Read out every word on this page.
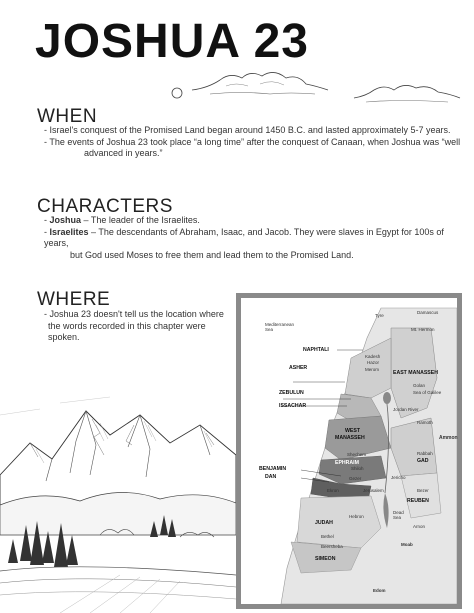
JOSHUA 23
WHEN

- Israel's conquest of the Promised Land began around 1450 B.C. and lasted approximately 5-7 years.

- The events of Joshua 23 took place “a long time” after the conquest of Canaan, when Joshua was “well

advanced in years.”

CHARACTERS

- Joshua – The leader of the Israelites.

- Israelites – The descendants of Abraham, Isaac, and Jacob. They were slaves in Egypt for 100s of years,

but God used Moses to free them and lead them to the Promised Land.

WHERE

- Joshua 23 doesn't tell us the location where

the words recorded in this chapter were spoken.

Mediterranean Sea
Tyre
Damascus
Mt. Hermon
Kadesh
Hazor
Merom
Golan
Sea of Galilee
Jordan River
Ramoth
Shechem
Shiloh
Ammon
Rabbah
Jericho
Gezer
Ekron	Jerusalem	Bezer
Hebron
Dead Sea
Arnon
Bethel
Beersheba	Moab
Edom
NAPHTALI
ASHER
EAST MANASSEH
ZEBULUN
ISSACHAR
WEST
MANASSEH
EPHRAIM	GAD
BENJAMIN
DAN
REUBEN
JUDAH
SIMEON
